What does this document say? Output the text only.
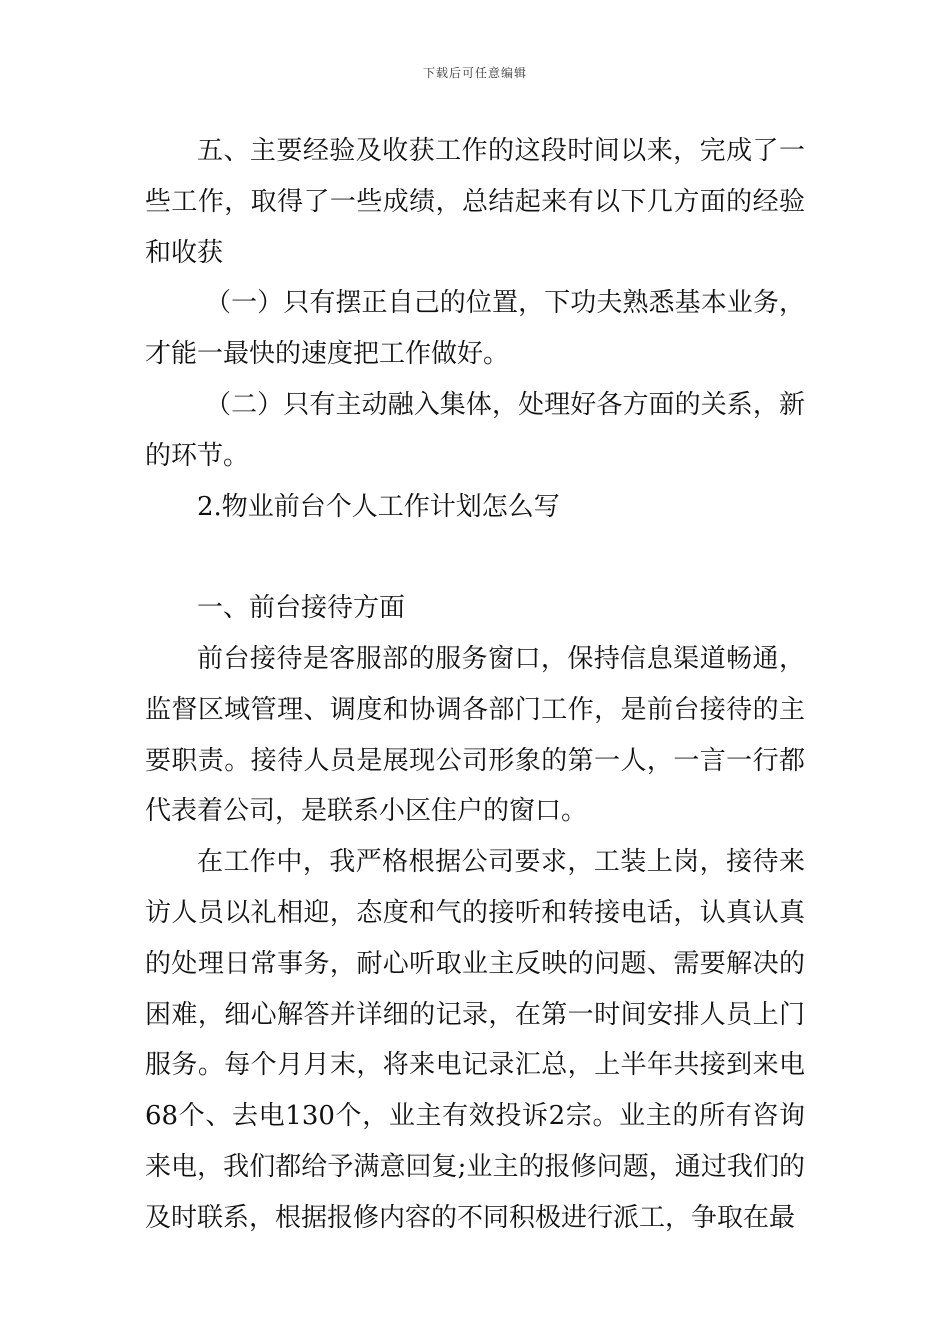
下载后可任意编辑

五、主要经验及收获工作的这段时间以来，完成了一些工作，取得了一些成绩，总结起来有以下几方面的经验和收获

（一）只有摆正自己的位置，下功夫熟悉基本业务，才能一最快的速度把工作做好。

（二）只有主动融入集体，处理好各方面的关系，新的环节。

2.物业前台个人工作计划怎么写

一、前台接待方面

前台接待是客服部的服务窗口，保持信息渠道畅通，监督区域管理、调度和协调各部门工作，是前台接待的主要职责。接待人员是展现公司形象的第一人，一言一行都代表着公司，是联系小区住户的窗口。

在工作中，我严格根据公司要求，工装上岗，接待来访人员以礼相迎，态度和气的接听和转接电话，认真认真的处理日常事务，耐心听取业主反映的问题、需要解决的困难，细心解答并详细的记录，在第一时间安排人员上门服务。每个月月末，将来电记录汇总，上半年共接到来电68个、去电130个，业主有效投诉2宗。业主的所有咨询来电，我们都给予满意回复;业主的报修问题，通过我们的及时联系，根据报修内容的不同积极进行派工，争取在最
